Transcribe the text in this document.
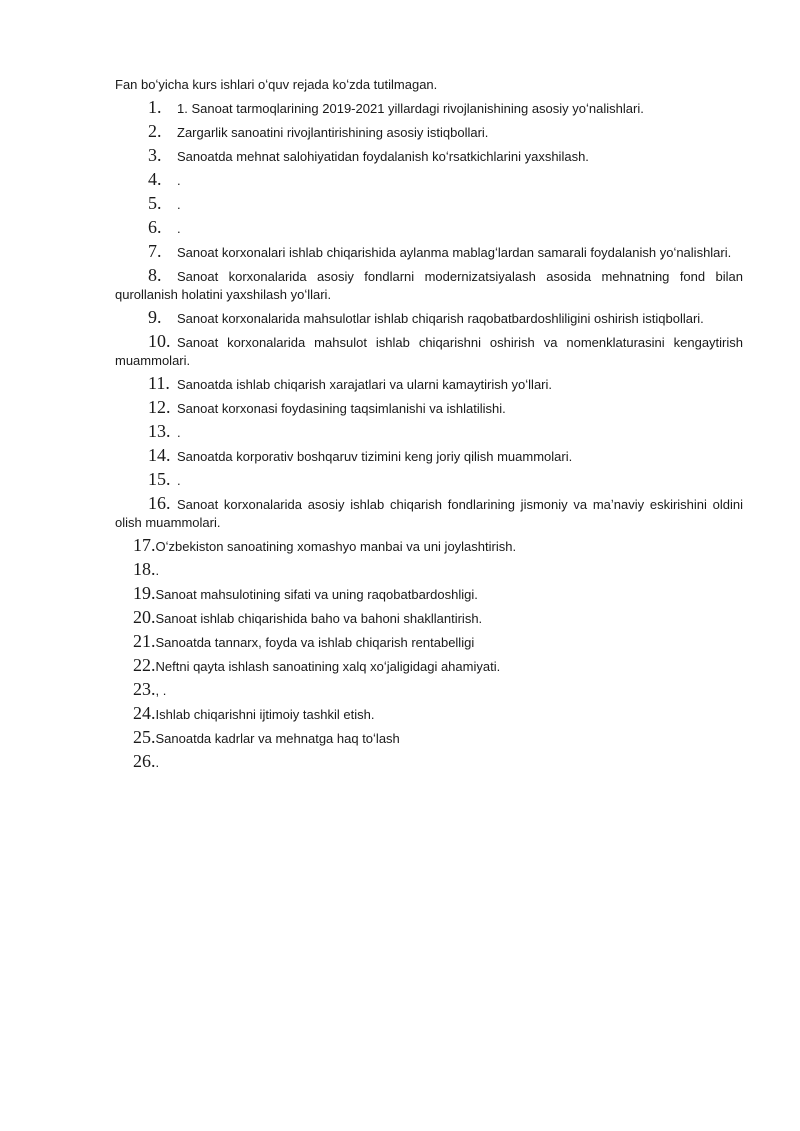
Fan boʻyicha kurs ishlari oʻquv rejada koʻzda tutilmagan.

1. 1. Sanoat tarmoqlarining 2019-2021 yillardagi rivojlanishining asosiy yoʻnalishlari.

2. Zargarlik sanoatini rivojlantirishining asosiy istiqbollari.

3. Sanoatda mehnat salohiyatidan foydalanish koʻrsatkichlarini yaxshilash.

4. .

5. .

6. .

7. Sanoat korxonalari ishlab chiqarishida aylanma mablagʻlardan samarali foydalanish yoʻnalishlari.

8. Sanoat korxonalarida asosiy fondlarni modernizatsiyalash asosida mehnatning fond bilan qurollanish holatini yaxshilash yoʻllari.

9. Sanoat korxonalarida mahsulotlar ishlab chiqarish raqobatbardoshliligini oshirish istiqbollari.

10. Sanoat korxonalarida mahsulot ishlab chiqarishni oshirish va nomenklaturasini kengaytirish muammolari.

11. Sanoatda ishlab chiqarish xarajatlari va ularni kamaytirish yoʻllari.

12. Sanoat korxonasi foydasining taqsimlanishi va ishlatilishi.

13. .

14. Sanoatda korporativ boshqaruv tizimini keng joriy qilish muammolari.

15. .

16. Sanoat korxonalarida asosiy ishlab chiqarish fondlarining jismoniy va maʼnaviy eskirishini oldini olish muammolari.

17.Oʻzbekiston sanoatining xomashyo manbai va uni joylashtirish.

18..

19.Sanoat mahsulotining sifati va uning raqobatbardoshligi.

20.Sanoat ishlab chiqarishida baho va bahoni shakllantirish.

21.Sanoatda tannarx, foyda va ishlab chiqarish rentabelligi

22.Neftni qayta ishlash sanoatining xalq xoʻjaligidagi ahamiyati.

23., .

24.Ishlab chiqarishni ijtimoiy tashkil etish.

25.Sanoatda kadrlar va mehnatga haq toʻlash

26..
